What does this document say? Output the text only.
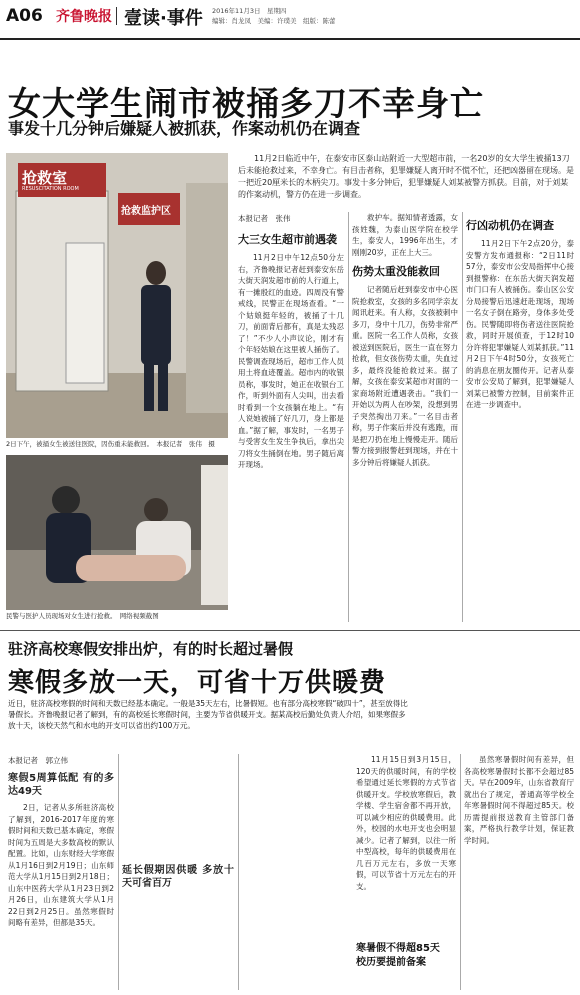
A06 齐鲁晚报 壹读·事件 2016年11月3日　星期四
编辑：肖龙凤　美编：许璞美　组版：陈蕾
女大学生闹市被捅多刀不幸身亡
事发十几分钟后嫌疑人被抓获，作案动机仍在调查
抢救室
RESUSCITATION ROOM
抢救监护区
2日下午，被捅女生被送往医院，因伤重未能救回。　本报记者　张伟　摄
民警与医护人员现场对女生进行抢救。　网络视频截图
11月2日临近中午，在泰安市区泰山站附近一大型超市前，一名20岁的女大学生被捅13刀后未能抢救过来，不幸身亡。有目击者称，犯罪嫌疑人离开时不慌不忙，还把凶器留在现场。是一把近20厘米长的木柄尖刀。事发十多分钟后，犯罪嫌疑人刘某被警方抓获。目前，对于刘某的作案动机，警方仍在进一步调查。
本报记者　张伟
大三女生超市前遇袭

11月2日中午12点50分左右，齐鲁晚报记者赶到泰安东岳大街天润发超市前的人行道上，有一摊殷红的血迹。四周没有警戒线，民警正在现场查看。“一个姑娘挺年轻的，被捅了十几刀，前面背后都有，真是太残忍了！”不少人小声议论，刚才有个年轻姑娘在这里被人捅伤了。民警调查现场后，超市工作人员用土将血迹覆盖。超市内的收银员称，事发时，她正在收银台工作，听到外面有人尖叫，出去看时看到一个女孩躺在地上。“有人说她被捅了好几刀，身上都是血。”据了解，事发时，一名男子与受害女生发生争执后，拿出尖刀将女生捅倒在地。男子随后离开现场。

救护车。据知情者透露，女孩姓魏，为泰山医学院在校学生，泰安人，1996年出生，才刚刚20岁，正在上大三。

伤势太重没能救回

记者随后赶到泰安市中心医院抢救室，女孩的多名同学亲友闻讯赶来。有人称，女孩被刺中多刀，身中十几刀，伤势非常严重。医院一名工作人员称，女孩被送到医院后，医生一直在努力抢救，但女孩伤势太重，失血过多，最终没能抢救过来。据了解，女孩在泰安某超市对面的一家商场附近遭遇袭击。“我们一开始以为两人在吵架，没想到男子突然掏出刀来。”一名目击者称，男子作案后并没有逃跑，而是把刀扔在地上慢慢走开。随后警方接到报警赶到现场，并在十多分钟后将嫌疑人抓获。

行凶动机仍在调查

11月2日下午2点20分，泰安警方发布通报称：“2日11时57分，泰安市公安局指挥中心接到报警称：在东岳大街天润发超市门口有人被捅伤。泰山区公安分局接警后迅速赶赴现场，现场一名女子倒在路旁，身体多处受伤。民警随即将伤者送往医院抢救，同时开展侦查，于12时10分许将犯罪嫌疑人刘某抓获。”11月2日下午4时50分，女孩死亡的消息在朋友圈传开。记者从泰安市公安局了解到，犯罪嫌疑人刘某已被警方控制，目前案件正在进一步调查中。

驻济高校寒假安排出炉，有的时长超过暑假
寒假多放一天，可省十万供暖费
近日，驻济高校寒假的时间和天数已经基本确定。一般是35天左右，比暑假短。也有部分高校寒假“破四十”，甚至放得比暑假长。齐鲁晚报记者了解到，有的高校延长寒假时间，主要为节省供暖开支。据某高校后勤处负责人介绍，如果寒假多放十天，该校天然气和水电的开支可以省出约100万元。
本报记者　郭立伟
寒假5周算低配 有的多达49天

2日，记者从多所驻济高校了解到，2016-2017年度的寒假时间和天数已基本确定，寒假时间为五周是大多数高校的默认配置。比如，山东财经大学寒假从1月16日到2月19日；山东师范大学从1月15日到2月18日；山东中医药大学从1月23日到2月26日，山东建筑大学从1月22日到2月25日。虽然寒假时间略有差异，但都是35天。

延长假期因供暖 多放十天可省百万

11月15日到3月15日，120天的供暖时间，有的学校希望通过延长寒假的方式节省供暖开支。学校放寒假后，教学楼、学生宿舍都不再开放，可以减少相应的供暖费用。此外，校园的水电开支也会明显减少。记者了解到，以往一所中型高校，每年的供暖费用在几百万元左右，多放一天寒假，可以节省十万元左右的开支。

寒暑假不得超85天 校历要提前备案

虽然寒暑假时间有差异，但各高校寒暑假时长都不会超过85天。早在2009年，山东省教育厅就出台了规定，普通高等学校全年寒暑假时间不得超过85天。校历需提前报送教育主管部门备案，严格执行教学计划，保证教学时间。
